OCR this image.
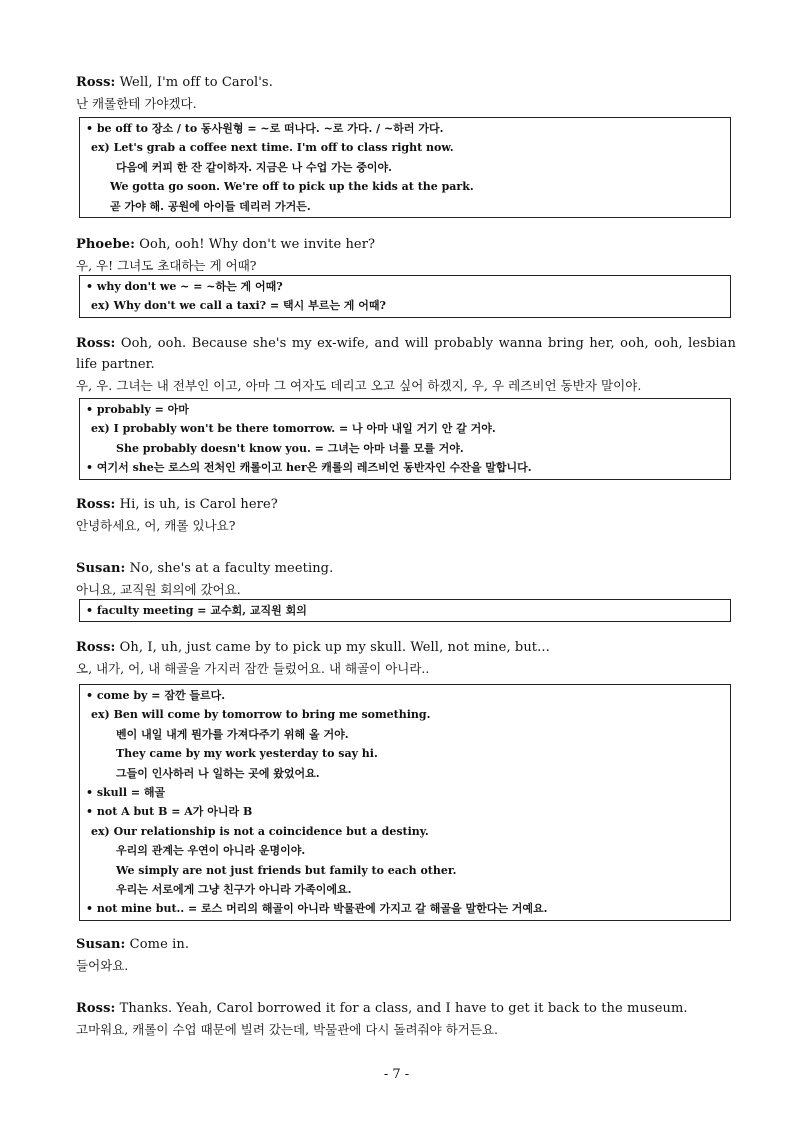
Ross: Well, I'm off to Carol's.
난 캐롤한테 가야겠다.
• be off to 장소 / to 동사원형 = ~로 떠나다. ~로 가다. / ~하러 가다.
ex) Let's grab a coffee next time. I'm off to class right now.
다음에 커피 한 잔 같이하자. 지금은 나 수업 가는 중이야.
We gotta go soon. We're off to pick up the kids at the park.
곧 가야 해. 공원에 아이들 데리러 가거든.
Phoebe: Ooh, ooh! Why don't we invite her?
우, 우! 그녀도 초대하는 게 어때?
• why don't we ~ = ~하는 게 어때?
ex) Why don't we call a taxi? = 택시 부르는 게 어때?
Ross: Ooh, ooh. Because she's my ex-wife, and will probably wanna bring her, ooh, ooh, lesbian life partner.
우, 우. 그녀는 내 전부인 이고, 아마 그 여자도 데리고 오고 싶어 하겠지, 우, 우 레즈비언 동반자 말이야.
• probably = 아마
ex) I probably won't be there tomorrow. = 나 아마 내일 거기 안 갈 거야.
She probably doesn't know you. = 그녀는 아마 너를 모를 거야.
• 여기서 she는 로스의 전처인 캐롤이고 her은 캐롤의 레즈비언 동반자인 수잔을 말합니다.
Ross: Hi, is uh, is Carol here?
안녕하세요, 어, 캐롤 있나요?
Susan: No, she's at a faculty meeting.
아니요, 교직원 회의에 갔어요.
• faculty meeting = 교수회, 교직원 회의
Ross: Oh, I, uh, just came by to pick up my skull. Well, not mine, but...
오, 내가, 어, 내 해골을 가지러 잠깐 들렀어요. 내 해골이 아니라..
• come by = 잠깐 들르다.
ex) Ben will come by tomorrow to bring me something.
벤이 내일 내게 뭔가를 가져다주기 위해 올 거야.
They came by my work yesterday to say hi.
그들이 인사하러 나 일하는 곳에 왔었어요.
• skull = 해골
• not A but B = A가 아니라 B
ex) Our relationship is not a coincidence but a destiny.
우리의 관계는 우연이 아니라 운명이야.
We simply are not just friends but family to each other.
우리는 서로에게 그냥 친구가 아니라 가족이에요.
• not mine but.. = 로스 머리의 해골이 아니라 박물관에 가지고 갈 해골을 말한다는 거예요.
Susan: Come in.
들어와요.
Ross: Thanks. Yeah, Carol borrowed it for a class, and I have to get it back to the museum.
고마워요, 캐롤이 수업 때문에 빌려 갔는데, 박물관에 다시 돌려줘야 하거든요.
- 7 -
